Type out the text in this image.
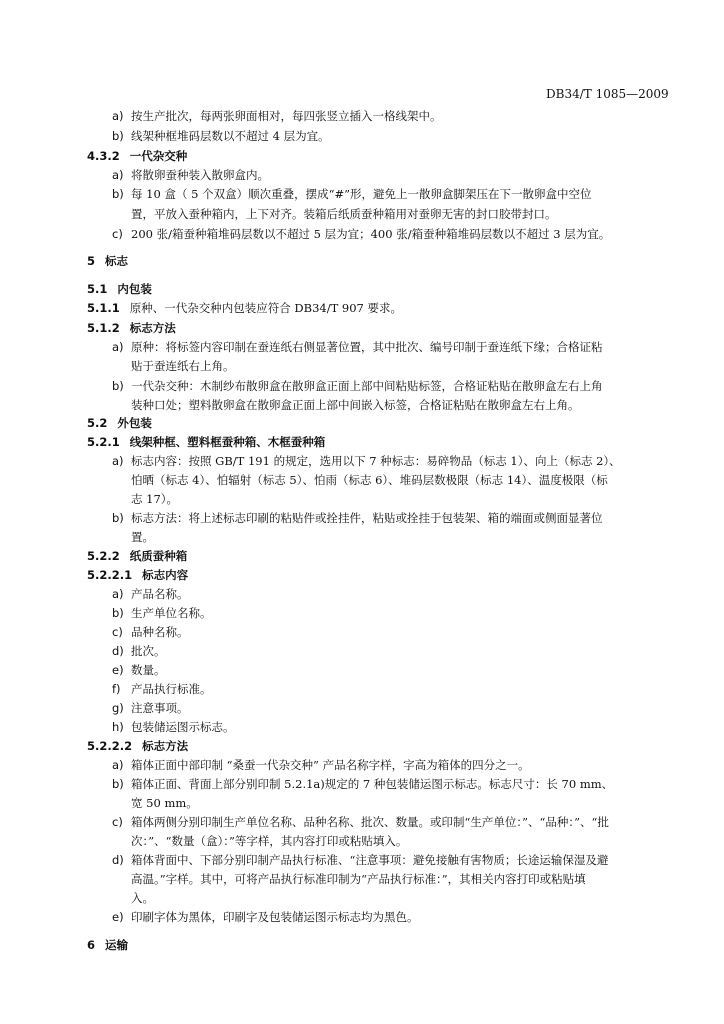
DB34/T 1085—2009
a) 按生产批次，每两张卵面相对，每四张竖立插入一格线架中。
b) 线架种框堆码层数以不超过 4 层为宜。
4.3.2 一代杂交种
a) 将散卵蚕种装入散卵盒内。
b) 每 10 盒（ 5 个双盒）顺次重叠，摆成“#”形，避免上一散卵盒脚架压在下一散卵盒中空位
置，平放入蚕种箱内，上下对齐。装箱后纸质蚕种箱用对蚕卵无害的封口胶带封口。
c) 200 张/箱蚕种箱堆码层数以不超过 5 层为宜；400 张/箱蚕种箱堆码层数以不超过 3 层为宜。
5 标志
5.1 内包装
5.1.1 原种、一代杂交种内包装应符合 DB34/T 907 要求。
5.1.2 标志方法
a) 原种：将标签内容印制在蚕连纸右侧显著位置，其中批次、编号印制于蚕连纸下缘；合格证粘
贴于蚕连纸右上角。
b) 一代杂交种：木制纱布散卵盒在散卵盒正面上部中间粘贴标签，合格证粘贴在散卵盒左右上角
装种口处；塑料散卵盒在散卵盒正面上部中间嵌入标签，合格证粘贴在散卵盒左右上角。
5.2 外包装
5.2.1 线架种框、塑料框蚕种箱、木框蚕种箱
a) 标志内容：按照 GB/T 191 的规定，选用以下 7 种标志：易碎物品（标志 1）、向上（标志 2）、
怕晒（标志 4）、怕辐射（标志 5）、怕雨（标志 6）、堆码层数极限（标志 14）、温度极限（标
志 17）。
b) 标志方法：将上述标志印刷的粘贴件或拴挂件，粘贴或拴挂于包装架、箱的端面或侧面显著位
置。
5.2.2 纸质蚕种箱
5.2.2.1 标志内容
a) 产品名称。
b) 生产单位名称。
c) 品种名称。
d) 批次。
e) 数量。
f) 产品执行标准。
g) 注意事项。
h) 包装储运图示标志。
5.2.2.2 标志方法
a) 箱体正面中部印制 “桑蚕一代杂交种” 产品名称字样，字高为箱体的四分之一。
b) 箱体正面、背面上部分别印制 5.2.1a)规定的 7 种包装储运图示标志。标志尺寸：长 70 mm、
宽 50 mm。
c) 箱体两侧分别印制生产单位名称、品种名称、批次、数量。或印制“生产单位：”、“品种：”、“批
次：”、“数量（盒）：”等字样，其内容打印或粘贴填入。
d) 箱体背面中、下部分别印制产品执行标准、“注意事项：避免接触有害物质；长途运输保湿及避
高温。”字样。其中，可将产品执行标准印制为“产品执行标准：”，其相关内容打印或粘贴填
入。
e) 印刷字体为黑体，印刷字及包装储运图示标志均为黑色。
6 运输
